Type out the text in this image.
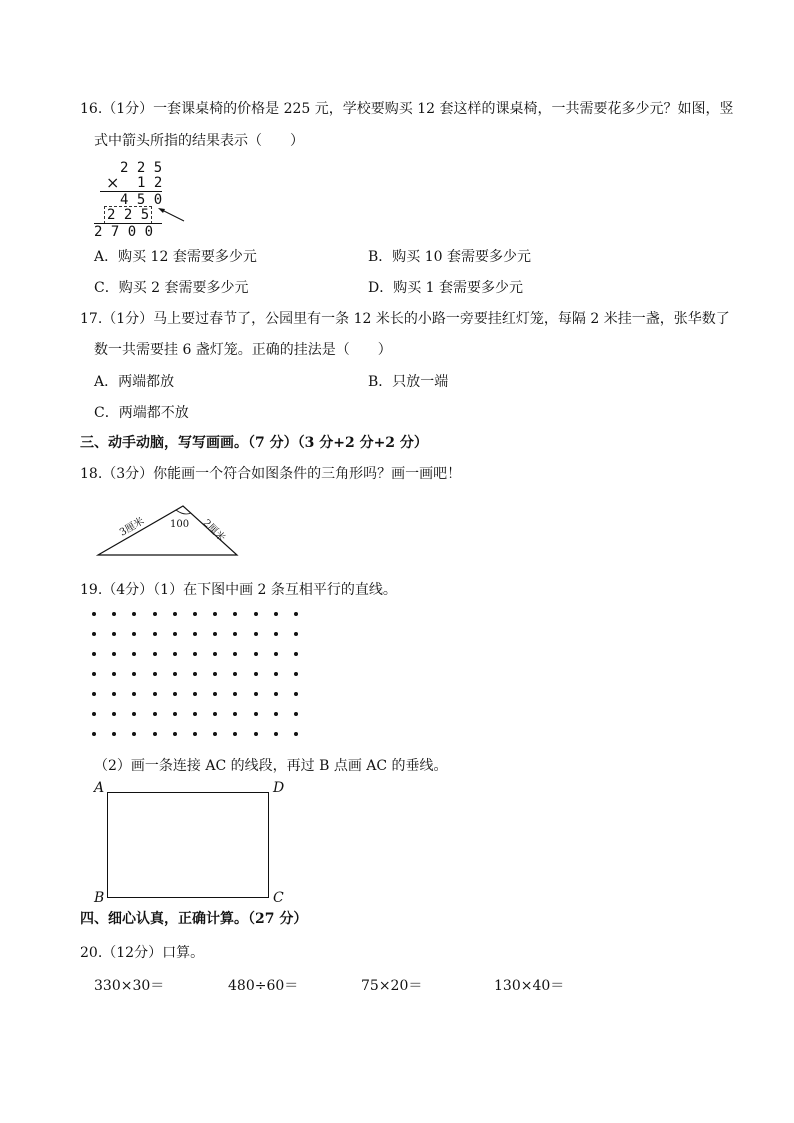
16.（1分）一套课桌椅的价格是 225 元，学校要购买 12 套这样的课桌椅，一共需要花多少元？如图，竖
式中箭头所指的结果表示（　　）
2 2 5
× 1 2
4 5 0
2 2 5
2 7 0 0
A．购买 12 套需要多少元	B．购买 10 套需要多少元
C．购买 2 套需要多少元	D．购买 1 套需要多少元
17.（1分）马上要过春节了，公园里有一条 12 米长的小路一旁要挂红灯笼，每隔 2 米挂一盏，张华数了
数一共需要挂 6 盏灯笼。正确的挂法是（　　）
A．两端都放	B．只放一端
C．两端都不放
三、动手动脑，写写画画。（7 分）（3 分+2 分+2 分）
18.（3分）你能画一个符合如图条件的三角形吗？画一画吧！
3厘米 100 2厘米
19.（4分）（1）在下图中画 2 条互相平行的直线。
（2）画一条连接 AC 的线段，再过 B 点画 AC 的垂线。
A	D
B	C
四、细心认真，正确计算。（27 分）
20.（12分）口算。
330×30＝	480÷60＝	75×20＝	130×40＝
